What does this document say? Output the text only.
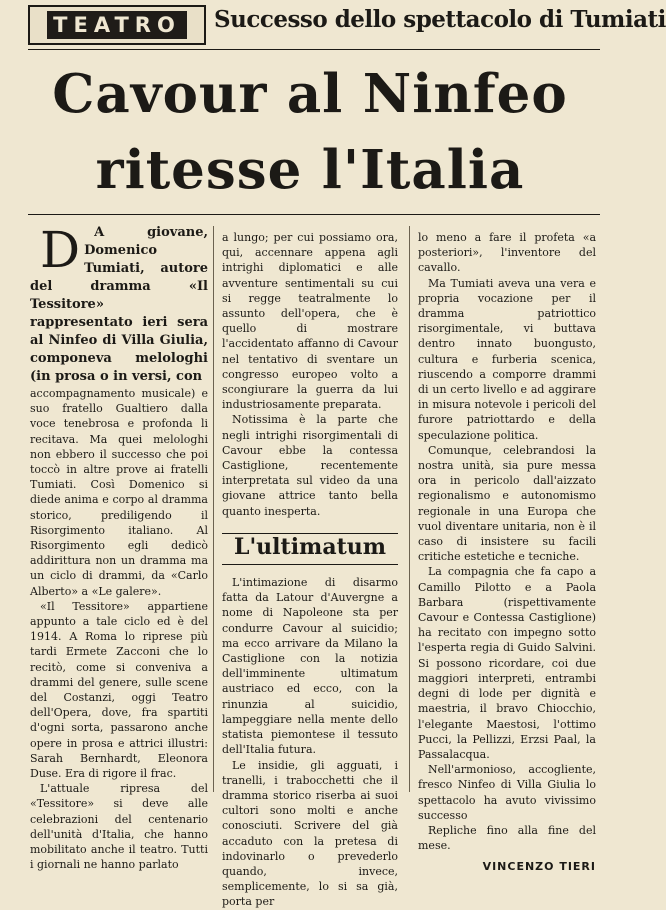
TEATRO Successo dello spettacolo di Tumiati
Cavour al Ninfeo
ritesse l'Italia

D A giovane, Domenico Tumiati, autore del dramma «Il Tessitore» rappresentato ieri sera al Ninfeo di Villa Giulia, componeva melologhi (in prosa o in versi, con

accompagnamento musicale) e suo fratello Gualtiero dalla voce tenebrosa e profonda li recitava. Ma quei melologhi non ebbero il successo che poi toccò in altre prove ai fratelli Tumiati. Così Domenico si diede anima e corpo al dramma storico, prediligendo il Risorgimento italiano. Al Risorgimento egli dedicò addirittura non un dramma ma un ciclo di drammi, da «Carlo Alberto» a «Le galere».

«Il Tessitore» appartiene appunto a tale ciclo ed è del 1914. A Roma lo riprese più tardi Ermete Zacconi che lo recitò, come si conveniva a drammi del genere, sulle scene del Costanzi, oggi Teatro dell'Opera, dove, fra spartiti d'ogni sorta, passarono anche opere in prosa e attrici illustri: Sarah Bernhardt, Eleonora Duse. Era di rigore il frac.

L'attuale ripresa del «Tessitore» si deve alle celebrazioni del centenario dell'unità d'Italia, che hanno mobilitato anche il teatro. Tutti i giornali ne hanno parlato

a lungo; per cui possiamo ora, qui, accennare appena agli intrighi diplomatici e alle avventure sentimentali su cui si regge teatralmente lo assunto dell'opera, che è quello di mostrare l'accidentato affanno di Cavour nel tentativo di sventare un congresso europeo volto a scongiurare la guerra da lui industriosamente preparata.

Notissima è la parte che negli intrighi risorgimentali di Cavour ebbe la contessa Castiglione, recentemente interpretata sul video da una giovane attrice tanto bella quanto inesperta.

L'ultimatum

L'intimazione di disarmo fatta da Latour d'Auvergne a nome di Napoleone sta per condurre Cavour al suicidio; ma ecco arrivare da Milano la Castiglione con la notizia dell'imminente ultimatum austriaco ed ecco, con la rinunzia al suicidio, lampeggiare nella mente dello statista piemontese il tessuto dell'Italia futura.

Le insidie, gli agguati, i tranelli, i trabocchetti che il dramma storico riserba ai suoi cultori sono molti e anche conosciuti. Scrivere del già accaduto con la pretesa di indovinarlo o prevederlo quando, invece, semplicemente, lo si sa già, porta per

lo meno a fare il profeta «a posteriori», l'inventore del cavallo.

Ma Tumiati aveva una vera e propria vocazione per il dramma patriottico risorgimentale, vi buttava dentro innato buongusto, cultura e furberia scenica, riuscendo a comporre drammi di un certo livello e ad aggirare in misura notevole i pericoli del furore patriottardo e della speculazione politica.

Comunque, celebrandosi la nostra unità, sia pure messa ora in pericolo dall'aizzato regionalismo e autonomismo regionale in una Europa che vuol diventare unitaria, non è il caso di insistere su facili critiche estetiche e tecniche.

La compagnia che fa capo a Camillo Pilotto e a Paola Barbara (rispettivamente Cavour e Contessa Castiglione) ha recitato con impegno sotto l'esperta regia di Guido Salvini. Si possono ricordare, coi due maggiori interpreti, entrambi degni di lode per dignità e maestria, il bravo Chiocchio, l'elegante Maestosi, l'ottimo Pucci, la Pellizzi, Erzsi Paal, la Passalacqua.

Nell'armonioso, accogliente, fresco Ninfeo di Villa Giulia lo spettacolo ha avuto vivissimo successo

Repliche fino alla fine del mese.

VINCENZO TIERI
